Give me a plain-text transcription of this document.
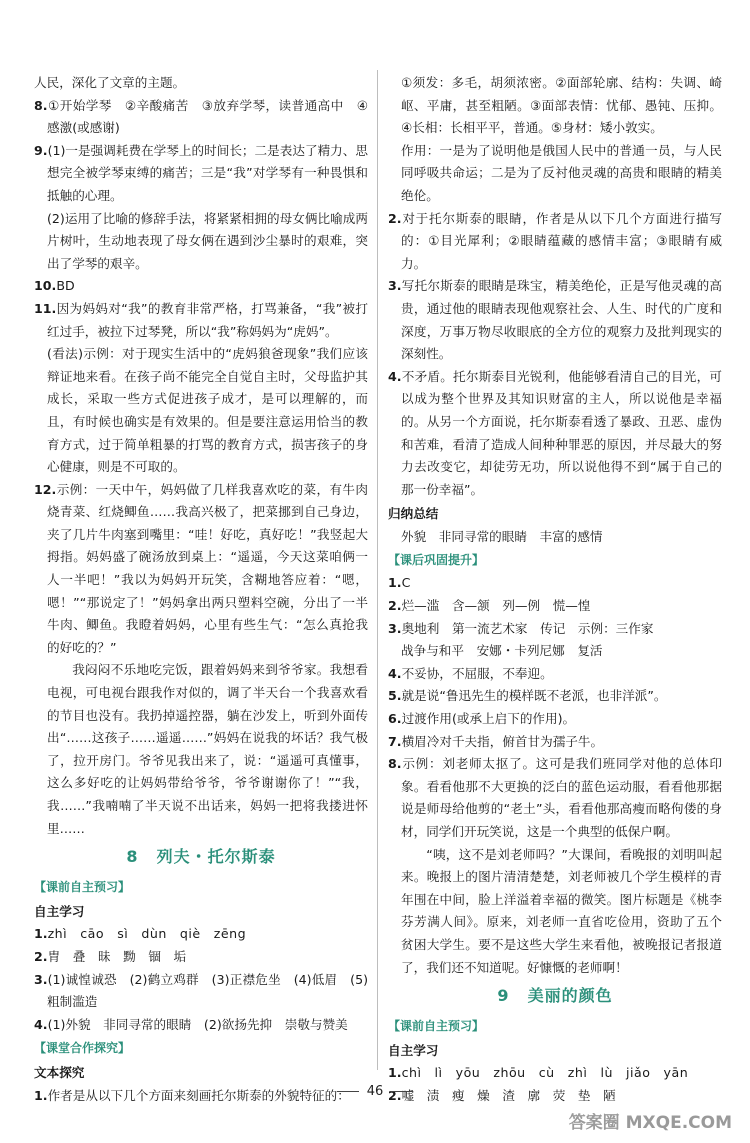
人民，深化了文章的主题。

8.①开始学琴　②辛酸痛苦　③放弃学琴，读普通高中　④感激(或感谢)

9.(1)一是强调耗费在学琴上的时间长；二是表达了精力、思想完全被学琴束缚的痛苦；三是“我”对学琴有一种畏惧和抵触的心理。

(2)运用了比喻的修辞手法，将紧紧相拥的母女俩比喻成两片树叶，生动地表现了母女俩在遇到沙尘暴时的艰难，突出了学琴的艰辛。

10.BD

11.因为妈妈对“我”的教育非常严格，打骂兼备，“我”被打红过手，被拉下过琴凳，所以“我”称妈妈为“虎妈”。

(看法)示例：对于现实生活中的“虎妈狼爸现象”我们应该辩证地来看。在孩子尚不能完全自觉自主时，父母监护其成长，采取一些方式促进孩子成才，是可以理解的，而且，有时候也确实是有效果的。但是要注意运用恰当的教育方式，过于简单粗暴的打骂的教育方式，损害孩子的身心健康，则是不可取的。

12.示例：一天中午，妈妈做了几样我喜欢吃的菜，有牛肉烧青菜、红烧鲫鱼……我高兴极了，把菜挪到自己身边，夹了几片牛肉塞到嘴里：“哇！好吃，真好吃！”我竖起大拇指。妈妈盛了碗汤放到桌上：“遥遥，今天这菜咱俩一人一半吧！”我以为妈妈开玩笑，含糊地答应着：“嗯，嗯！”“那说定了！”妈妈拿出两只塑料空碗，分出了一半牛肉、鲫鱼。我瞪着妈妈，心里有些生气：“怎么真抢我的好吃的？”

我闷闷不乐地吃完饭，跟着妈妈来到爷爷家。我想看电视，可电视台跟我作对似的，调了半天台一个我喜欢看的节目也没有。我扔掉遥控器，躺在沙发上，听到外面传出“……这孩子……遥遥……”妈妈在说我的坏话？我气极了，拉开房门。爷爷见我出来了，说：“遥遥可真懂事，这么多好吃的让妈妈带给爷爷，爷爷谢谢你了！”“我，我……”我喃喃了半天说不出话来，妈妈一把将我搂进怀里……

8 列夫・托尔斯泰
【课前自主预习】

自主学习

1.zhì　cāo　sì　dùn　qiè　zēng

2.胄　叠　昧　黝　锢　垢

3.(1)诚惶诚恐　(2)鹤立鸡群　(3)正襟危坐　(4)低眉　(5)粗制滥造

4.(1)外貌　非同寻常的眼睛　(2)欲扬先抑　崇敬与赞美

【课堂合作探究】

文本探究

1.作者是从以下几个方面来刻画托尔斯泰的外貌特征的：

①须发：多毛，胡须浓密。②面部轮廓、结构：失调、崎岖、平庸，甚至粗陋。③面部表情：忧郁、愚钝、压抑。④长相：长相平平，普通。⑤身材：矮小敦实。

作用：一是为了说明他是俄国人民中的普通一员，与人民同呼吸共命运；二是为了反衬他灵魂的高贵和眼睛的精美绝伦。

2.对于托尔斯泰的眼睛，作者是从以下几个方面进行描写的：①目光犀利；②眼睛蕴藏的感情丰富；③眼睛有威力。

3.写托尔斯泰的眼睛是珠宝，精美绝伦，正是写他灵魂的高贵，通过他的眼睛表现他观察社会、人生、时代的广度和深度，万事万物尽收眼底的全方位的观察力及批判现实的深刻性。

4.不矛盾。托尔斯泰目光锐利，他能够看清自己的目光，可以成为整个世界及其知识财富的主人，所以说他是幸福的。从另一个方面说，托尔斯泰看透了暴政、丑恶、虚伪和苦难，看清了造成人间种种罪恶的原因，并尽最大的努力去改变它，却徒劳无功，所以说他得不到“属于自己的那一份幸福”。

归纳总结

外貌　非同寻常的眼睛　丰富的感情

【课后巩固提升】

1.C

2.烂—滥　含—颔　列—例　慌—惶

3.奥地利　第一流艺术家　传记　示例：三作家

战争与和平　安娜・卡列尼娜　复活

4.不妥协，不屈服，不奉迎。

5.就是说“鲁迅先生的模样既不老派，也非洋派”。

6.过渡作用(或承上启下的作用)。

7.横眉冷对千夫指，俯首甘为孺子牛。

8.示例：刘老师太抠了。这可是我们班同学对他的总体印象。看看他那不大更换的泛白的蓝色运动服，看看他那据说是师母给他剪的“老土”头，看看他那高瘦而略佝偻的身材，同学们开玩笑说，这是一个典型的低保户啊。

“咦，这不是刘老师吗？”大课间，看晚报的刘明叫起来。晚报上的图片清清楚楚，刘老师被几个学生模样的青年围在中间，脸上洋溢着幸福的微笑。图片标题是《桃李芬芳满人间》。原来，刘老师一直省吃俭用，资助了五个贫困大学生。要不是这些大学生来看他，被晚报记者报道了，我们还不知道呢。好慷慨的老师啊！

9 美丽的颜色
【课前自主预习】

自主学习

1.chì　lì　yōu　zhōu　cù　zhì　lù　jiǎo　yān

2.嘘　渍　瘦　燥　渣　廓　荧　垫　陋

46
答案圈 MXQE.COM
